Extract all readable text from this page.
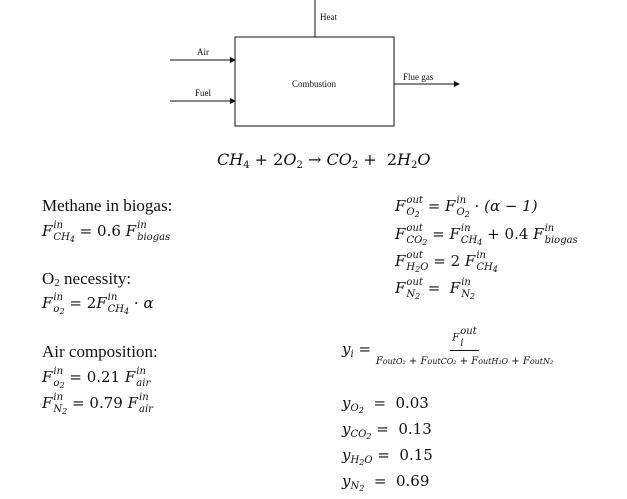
Heat
Combustion
Air
Fuel
Flue gas
$CH_4 + 2O_2 \to CO_2 + 2H_2O$
Methane in biogas:
F in
$CH_4 = 0.6$ F in
biogas
O2 necessity:
F in
$o_2 = 2F$ in
$CH_4 \cdot \alpha$
Air composition:
F in
$o_2 = 0.21$ F in
air
F in
$N_2 = 0.79$ F in
air
F out
$O_2 = F$ in
$O_2 \cdot (\alpha - 1)$
F out
$CO_2 = F$ in
$CH_4 + 0.4$ F in
biogas
F out
$H_2O = 2$ F in
$CH_4$
F out
$N_2 = F$ in
$N_2$
$y_i = F$
out
i
FoutO₂ + FoutCO₂ + FoutH₂O + FoutN₂
$y_{O_2} = 0.03$
$y_{CO_2} = 0.13$
$y_{H_2O} = 0.15$
$y_{N_2} = 0.69$
